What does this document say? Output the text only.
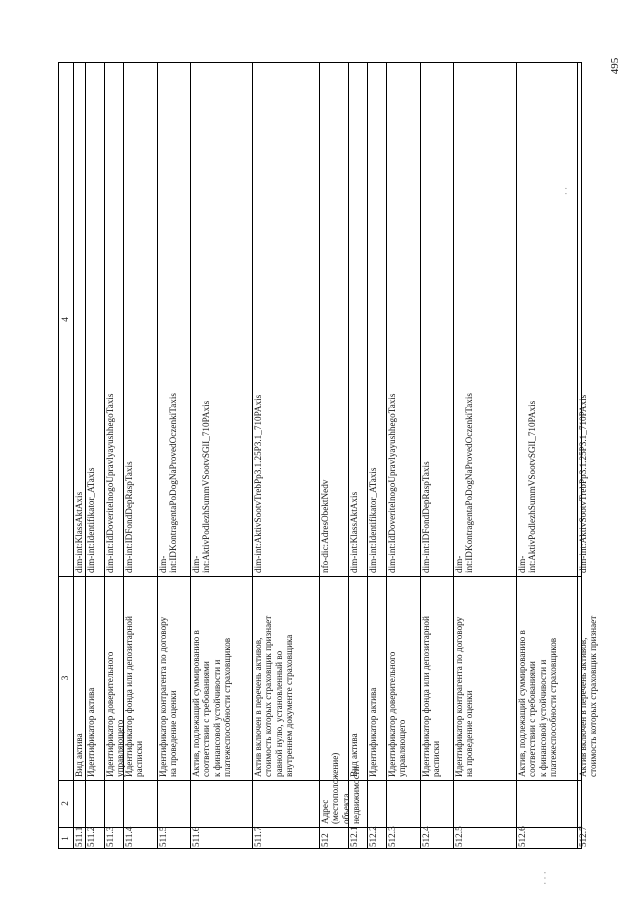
495
· ·
1
2
3
4
511.1
Вид актива
dim-int:KlassAktAxis
511.2
Идентификатор актива
dim-int:Identifikator_ATaxis
511.3
Идентификатор доверительного
управляющего
dim-int:IdDoveritelnogoUpravlyayushhegoTaxis
511.4
Идентификатор фонда или депозитарной
расписки
dim-int:IDFondDepRaspTaxis
511.5
Идентификатор контрагента по договору
на проведение оценки
dim-
int:IDKontragentaPoDogNaProvedOczenkiTaxis
511.6
Актив, подлежащий суммированию в
соответствии с требованиями
к финансовой устойчивости и
платежеспособности страховщиков
dim-
int:AktivPodlezhSummVSootvSGlI_710PAxis
511.7
Актив включен в перечень активов,
стоимость которых страховщик признает
равной нулю, установленный во
внутреннем документе страховщика
dim-int:AktivSootvTrebPp3.1.25P3.1_710PAxis
512
Адрес (местоположение) объекта
недвижимости
nfo-dic:AdresObektNedv
512.1
Вид актива
dim-int:KlassAktAxis
512.2
Идентификатор актива
dim-int:Identifikator_ATaxis
512.3
Идентификатор доверительного
управляющего
dim-int:IdDoveritelnogoUpravlyayushhegoTaxis
512.4
Идентификатор фонда или депозитарной
расписки
dim-int:IDFondDepRaspTaxis
512.5
Идентификатор контрагента по договору
на проведение оценки
dim-
int:IDKontragentaPoDogNaProvedOczenkiTaxis
512.6
Актив, подлежащий суммированию в
соответствии с требованиями
к финансовой устойчивости и
платежеспособности страховщиков
dim-
int:AktivPodlezhSummVSootvSGlI_710PAxis
512.7
Актив включен в перечень активов,
стоимость которых страховщик признает
dim-int:AktivSootvTrebPp3.1.25P3.1_710PAxis
· · ·
